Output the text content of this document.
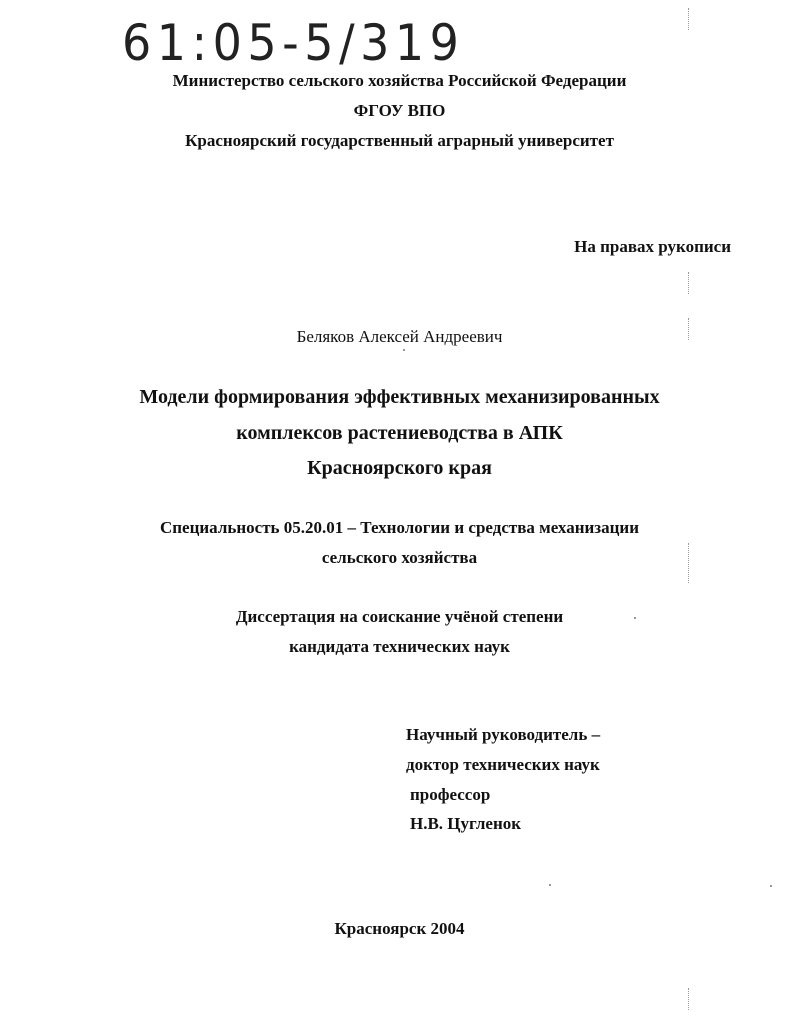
61:05-5/319
Министерство сельского хозяйства Российской Федерации
ФГОУ ВПО
Красноярский государственный аграрный университет
На правах рукописи
Беляков Алексей Андреевич
Модели формирования эффективных механизированных
комплексов растениеводства в АПК
Красноярского края
Специальность 05.20.01 – Технологии и средства механизации
сельского хозяйства
Диссертация на соискание учёной степени
кандидата технических наук
Научный руководитель –
доктор технических наук
профессор
Н.В. Цугленок
Красноярск 2004
